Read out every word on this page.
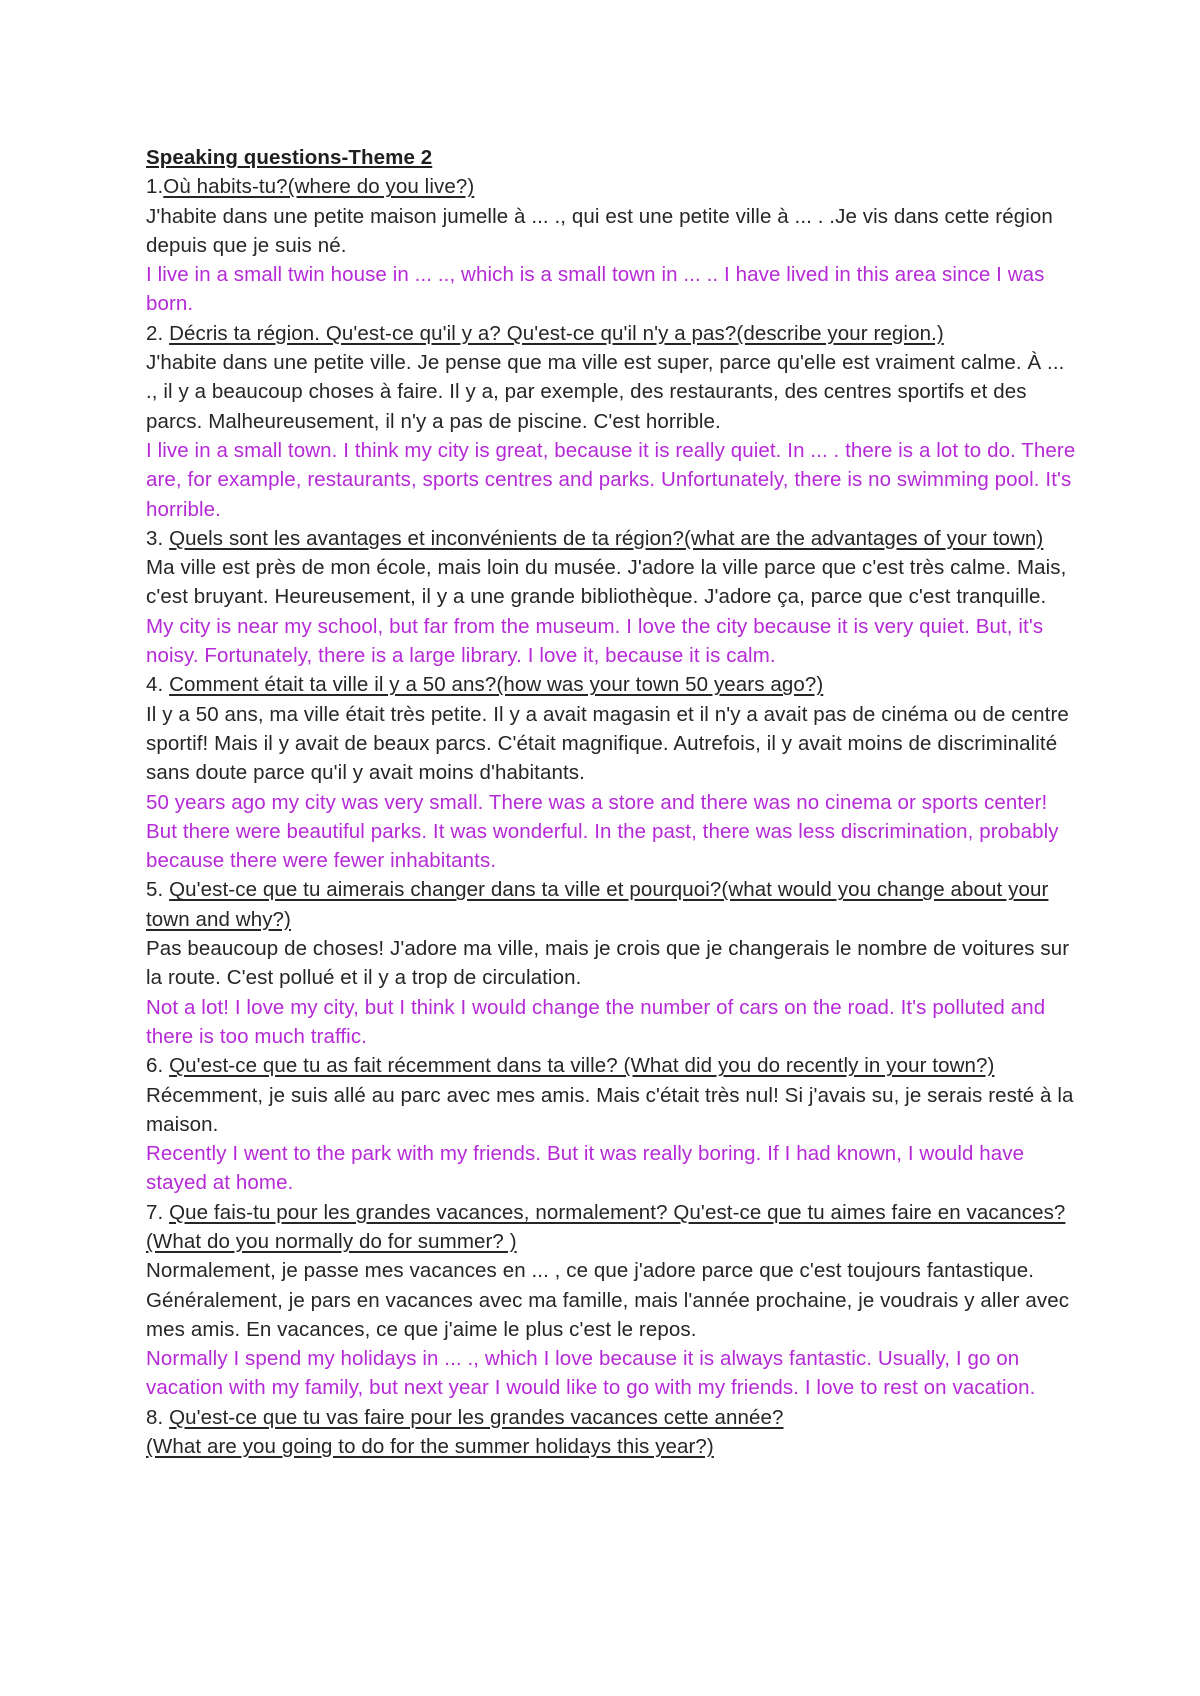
Speaking questions-Theme 2

1.Où habits-tu?(where do you live?)

J'habite dans une petite maison jumelle à ... ., qui est une petite ville à ... . .Je vis dans cette région depuis que je suis né.

I live in a small twin house in ... .., which is a small town in ... .. I have lived in this area since I was born.

2. Décris ta région. Qu'est-ce qu'il y a? Qu'est-ce qu'il n'y a pas?(describe your region.)

J'habite dans une petite ville. Je pense que ma ville est super, parce qu'elle est vraiment calme. À ... ., il y a beaucoup choses à faire. Il y a, par exemple, des restaurants, des centres sportifs et des parcs. Malheureusement, il n'y a pas de piscine. C'est horrible.

I live in a small town. I think my city is great, because it is really quiet. In ... . there is a lot to do. There are, for example, restaurants, sports centres and parks. Unfortunately, there is no swimming pool. It's horrible.

3. Quels sont les avantages et inconvénients de ta région?(what are the advantages of your town)

Ma ville est près de mon école, mais loin du musée. J'adore la ville parce que c'est très calme. Mais, c'est bruyant. Heureusement, il y a une grande bibliothèque. J'adore ça, parce que c'est tranquille.

My city is near my school, but far from the museum. I love the city because it is very quiet. But, it's noisy. Fortunately, there is a large library. I love it, because it is calm.

4. Comment était ta ville il y a 50 ans?(how was your town 50 years ago?)

Il y a 50 ans, ma ville était très petite. Il y a avait magasin et il n'y a avait pas de cinéma ou de centre sportif! Mais il y avait de beaux parcs. C'était magnifique. Autrefois, il y avait moins de discriminalité sans doute parce qu'il y avait moins d'habitants.

50 years ago my city was very small. There was a store and there was no cinema or sports center! But there were beautiful parks. It was wonderful. In the past, there was less discrimination, probably because there were fewer inhabitants.

5. Qu'est-ce que tu aimerais changer dans ta ville et pourquoi?(what would you change about your town and why?)

Pas beaucoup de choses! J'adore ma ville, mais je crois que je changerais le nombre de voitures sur la route. C'est pollué et il y a trop de circulation.

Not a lot! I love my city, but I think I would change the number of cars on the road. It's polluted and there is too much traffic.

6. Qu'est-ce que tu as fait récemment dans ta ville? (What did you do recently in your town?)

Récemment, je suis allé au parc avec mes amis. Mais c'était très nul! Si j'avais su, je serais resté à la maison.

Recently I went to the park with my friends. But it was really boring. If I had known, I would have stayed at home.

7. Que fais-tu pour les grandes vacances, normalement? Qu'est-ce que tu aimes faire en vacances? (What do you normally do for summer? )

Normalement, je passe mes vacances en ... , ce que j'adore parce que c'est toujours fantastique. Généralement, je pars en vacances avec ma famille, mais l'année prochaine, je voudrais y aller avec mes amis. En vacances, ce que j'aime le plus c'est le repos.

Normally I spend my holidays in ... ., which I love because it is always fantastic. Usually, I go on vacation with my family, but next year I would like to go with my friends. I love to rest on vacation.

8. Qu'est-ce que tu vas faire pour les grandes vacances cette année?

(What are you going to do for the summer holidays this year?)
